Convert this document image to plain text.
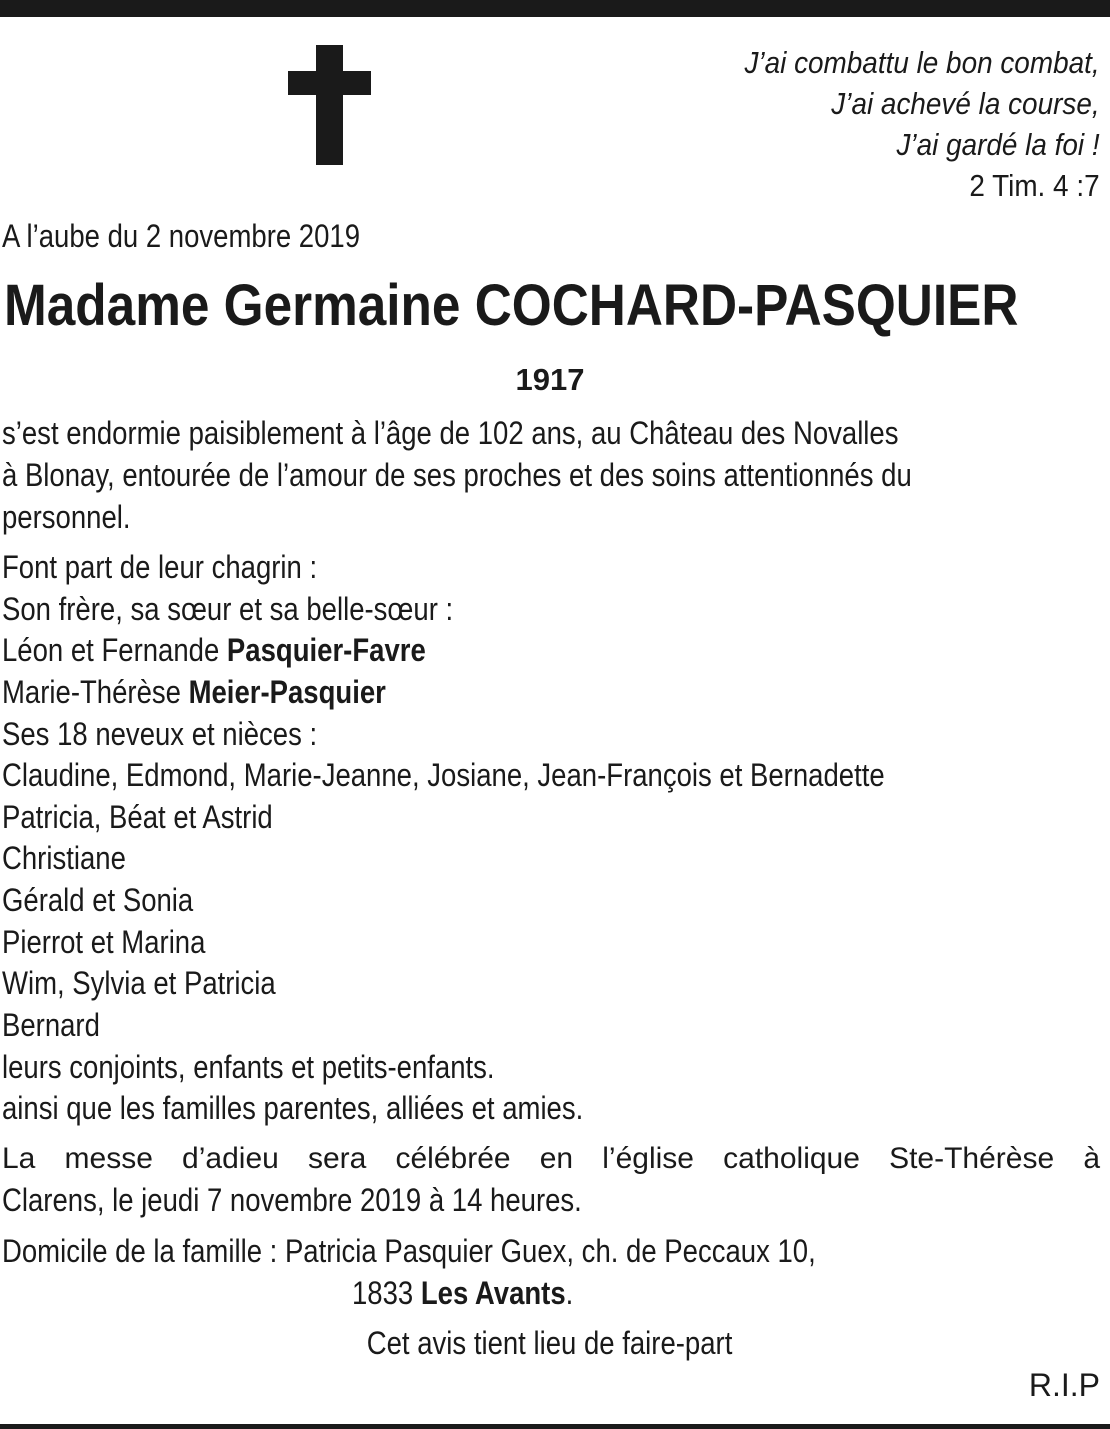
J’ai combattu le bon combat,
J’ai achevé la course,
J’ai gardé la foi !
2 Tim. 4 :7
A l’aube du 2 novembre 2019
Madame Germaine COCHARD-PASQUIER
1917
s’est endormie paisiblement à l’âge de 102 ans, au Château des Novalles
à Blonay, entourée de l’amour de ses proches et des soins attentionnés du
personnel.
Font part de leur chagrin :
Son frère, sa sœur et sa belle-sœur :
Léon et Fernande Pasquier-Favre
Marie-Thérèse Meier-Pasquier
Ses 18 neveux et nièces :
Claudine, Edmond, Marie-Jeanne, Josiane, Jean-François et Bernadette
Patricia, Béat et Astrid
Christiane
Gérald et Sonia
Pierrot et Marina
Wim, Sylvia et Patricia
Bernard
leurs conjoints, enfants et petits-enfants.
ainsi que les familles parentes, alliées et amies.
La messe d’adieu sera célébrée en l’église catholique Ste-Thérèse à
Clarens, le jeudi 7 novembre 2019 à 14 heures.
Domicile de la famille : Patricia Pasquier Guex, ch. de Peccaux 10,
1833 Les Avants.
Cet avis tient lieu de faire-part
R.I.P
